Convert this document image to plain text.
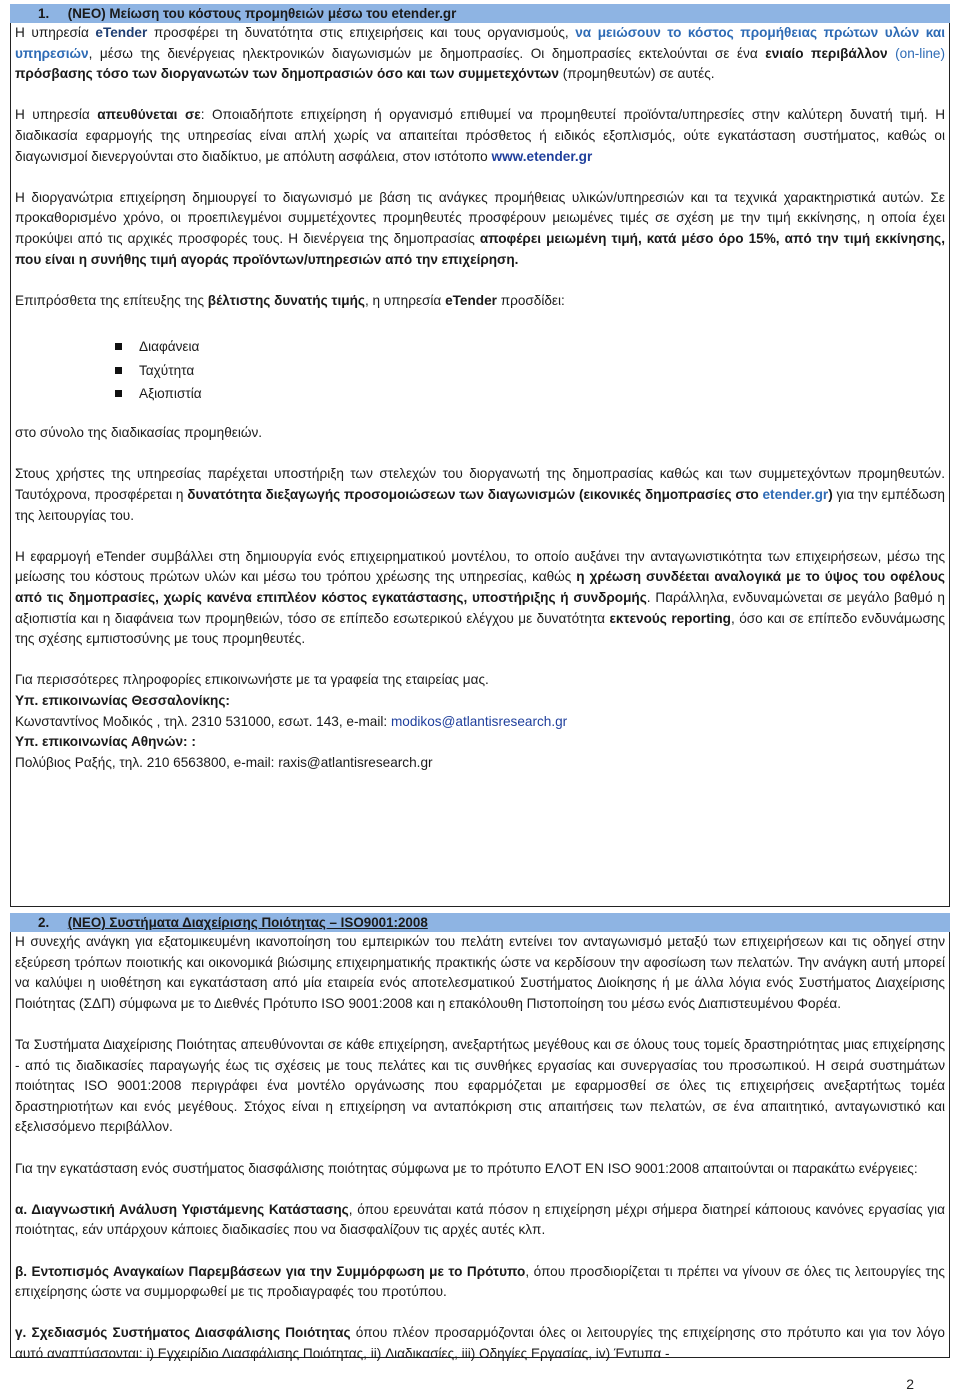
1. (ΝΕΟ) Μείωση του κόστους προμηθειών μέσω του etender.gr

Η υπηρεσία eTender προσφέρει τη δυνατότητα στις επιχειρήσεις και τους οργανισμούς, να μειώσουν το κόστος προμήθειας πρώτων υλών και υπηρεσιών, μέσω της διενέργειας ηλεκτρονικών διαγωνισμών με δημοπρασίες. Οι δημοπρασίες εκτελούνται σε ένα ενιαίο περιβάλλον (on-line) πρόσβασης τόσο των διοργανωτών των δημοπρασιών όσο και των συμμετεχόντων (προμηθευτών) σε αυτές.

Η υπηρεσία απευθύνεται σε: Οποιαδήποτε επιχείρηση ή οργανισμό επιθυμεί να προμηθευτεί προϊόντα/υπηρεσίες στην καλύτερη δυνατή τιμή. Η διαδικασία εφαρμογής της υπηρεσίας είναι απλή χωρίς να απαιτείται πρόσθετος ή ειδικός εξοπλισμός, ούτε εγκατάσταση συστήματος, καθώς οι διαγωνισμοί διενεργούνται στο διαδίκτυο, με απόλυτη ασφάλεια, στον ιστότοπο www.etender.gr

Η διοργανώτρια επιχείρηση δημιουργεί το διαγωνισμό με βάση τις ανάγκες προμήθειας υλικών/υπηρεσιών και τα τεχνικά χαρακτηριστικά αυτών. Σε προκαθορισμένο χρόνο, οι προεπιλεγμένοι συμμετέχοντες προμηθευτές προσφέρουν μειωμένες τιμές σε σχέση με την τιμή εκκίνησης, η οποία έχει προκύψει από τις αρχικές προσφορές τους. Η διενέργεια της δημοπρασίας αποφέρει μειωμένη τιμή, κατά μέσο όρο 15%, από την τιμή εκκίνησης, που είναι η συνήθης τιμή αγοράς προϊόντων/υπηρεσιών από την επιχείρηση.

Επιπρόσθετα της επίτευξης της βέλτιστης δυνατής τιμής, η υπηρεσία eTender προσδίδει:

Διαφάνεια
Ταχύτητα
Αξιοπιστία

στο σύνολο της διαδικασίας προμηθειών.

Στους χρήστες της υπηρεσίας παρέχεται υποστήριξη των στελεχών του διοργανωτή της δημοπρασίας καθώς και των συμμετεχόντων προμηθευτών. Ταυτόχρονα, προσφέρεται η δυνατότητα διεξαγωγής προσομοιώσεων των διαγωνισμών (εικονικές δημοπρασίες στο etender.gr) για την εμπέδωση της λειτουργίας του.

Η εφαρμογή eTender συμβάλλει στη δημιουργία ενός επιχειρηματικού μοντέλου, το οποίο αυξάνει την ανταγωνιστικότητα των επιχειρήσεων, μέσω της μείωσης του κόστους πρώτων υλών και μέσω του τρόπου χρέωσης της υπηρεσίας, καθώς η χρέωση συνδέεται αναλογικά με το ύψος του οφέλους από τις δημοπρασίες, χωρίς κανένα επιπλέον κόστος εγκατάστασης, υποστήριξης ή συνδρομής. Παράλληλα, ενδυναμώνεται σε μεγάλο βαθμό η αξιοπιστία και η διαφάνεια των προμηθειών, τόσο σε επίπεδο εσωτερικού ελέγχου με δυνατότητα εκτενούς reporting, όσο και σε επίπεδο ενδυνάμωσης της σχέσης εμπιστοσύνης με τους προμηθευτές.

Για περισσότερες πληροφορίες επικοινωνήστε με τα γραφεία της εταιρείας μας.

Υπ. επικοινωνίας Θεσσαλονίκης:

Κωνσταντίνος Μοδικός , τηλ. 2310 531000, εσωτ. 143, e-mail: modikos@atlantisresearch.gr

Υπ. επικοινωνίας Αθηνών: :

Πολύβιος Ραξής, τηλ. 210 6563800, e-mail: raxis@atlantisresearch.gr

2. (ΝΕΟ) Συστήματα Διαχείρισης Ποιότητας – ISO9001:2008

Η συνεχής ανάγκη για εξατομικευμένη ικανοποίηση του εμπειρικών του πελάτη εντείνει τον ανταγωνισμό μεταξύ των επιχειρήσεων και τις οδηγεί στην εξεύρεση τρόπων ποιοτικής και οικονομικά βιώσιμης επιχειρηματικής πρακτικής ώστε να κερδίσουν την αφοσίωση των πελατών. Την ανάγκη αυτή μπορεί να καλύψει η υιοθέτηση και εγκατάσταση από μία εταιρεία ενός αποτελεσματικού Συστήματος Διοίκησης ή με άλλα λόγια ενός Συστήματος Διαχείρισης Ποιότητας (ΣΔΠ) σύμφωνα με το Διεθνές Πρότυπο ISO 9001:2008 και η επακόλουθη Πιστοποίηση του μέσω ενός Διαπιστευμένου Φορέα.

Τα Συστήματα Διαχείρισης Ποιότητας απευθύνονται σε κάθε επιχείρηση, ανεξαρτήτως μεγέθους και σε όλους τους τομείς δραστηριότητας μιας επιχείρησης - από τις διαδικασίες παραγωγής έως τις σχέσεις με τους πελάτες και τις συνθήκες εργασίας και συνεργασίας του προσωπικού. Η σειρά συστημάτων ποιότητας ISO 9001:2008 περιγράφει ένα μοντέλο οργάνωσης που εφαρμόζεται με εφαρμοσθεί σε όλες τις επιχειρήσεις ανεξαρτήτως τομέα δραστηριοτήτων και ενός μεγέθους. Στόχος είναι η επιχείρηση να ανταπόκριση στις απαιτήσεις των πελατών, σε ένα απαιτητικό, ανταγωνιστικό και εξελισσόμενο περιβάλλον.

Για την εγκατάσταση ενός συστήματος διασφάλισης ποιότητας σύμφωνα με το πρότυπο ΕΛΟΤ EN ISO 9001:2008 απαιτούνται οι παρακάτω ενέργειες:

α. Διαγνωστική Ανάλυση Υφιστάμενης Κατάστασης, όπου ερευνάται κατά πόσον η επιχείρηση μέχρι σήμερα διατηρεί κάποιους κανόνες εργασίας για ποιότητας, εάν υπάρχουν κάποιες διαδικασίες που να διασφαλίζουν τις αρχές αυτές κλπ.

β. Εντοπισμός Αναγκαίων Παρεμβάσεων για την Συμμόρφωση με το Πρότυπο, όπου προσδιορίζεται τι πρέπει να γίνουν σε όλες τις λειτουργίες της επιχείρησης ώστε να συμμορφωθεί με τις προδιαγραφές του προτύπου.

γ. Σχεδιασμός Συστήματος Διασφάλισης Ποιότητας όπου πλέον προσαρμόζονται όλες οι λειτουργίες της επιχείρησης στο πρότυπο και για τον λόγο αυτό αναπτύσσονται: i) Εγχειρίδιο Διασφάλισης Ποιότητας, ii) Διαδικασίες, iii) Οδηγίες Εργασίας, iv) Έντυπα -

2
